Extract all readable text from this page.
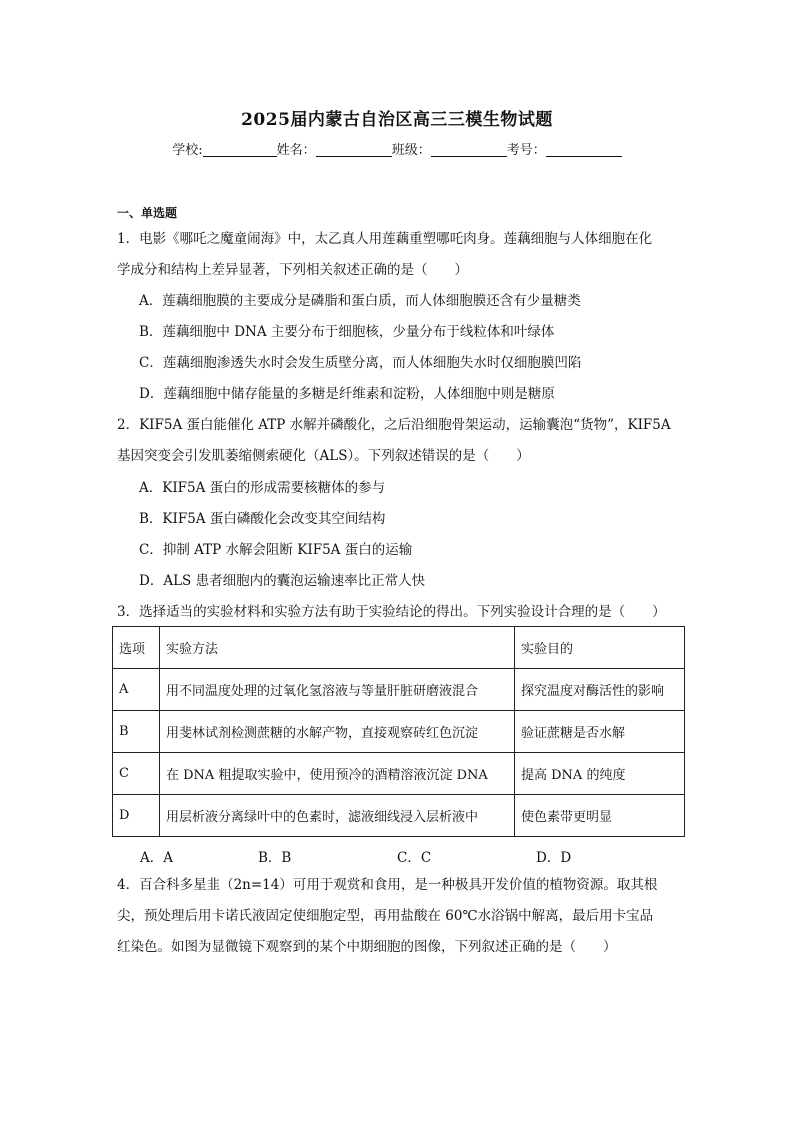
2025届内蒙古自治区高三三模生物试题
学校:	姓名：	班级：	考号：
一、单选题
1．电影《哪吒之魔童闹海》中，太乙真人用莲藕重塑哪吒肉身。莲藕细胞与人体细胞在化
学成分和结构上差异显著，下列相关叙述正确的是（　　）
A．莲藕细胞膜的主要成分是磷脂和蛋白质，而人体细胞膜还含有少量糖类
B．莲藕细胞中 DNA 主要分布于细胞核，少量分布于线粒体和叶绿体
C．莲藕细胞渗透失水时会发生质壁分离，而人体细胞失水时仅细胞膜凹陷
D．莲藕细胞中储存能量的多糖是纤维素和淀粉，人体细胞中则是糖原
2．KIF5A 蛋白能催化 ATP 水解并磷酸化，之后沿细胞骨架运动，运输囊泡“货物”，KIF5A
基因突变会引发肌萎缩侧索硬化（ALS）。下列叙述错误的是（　　）
A．KIF5A 蛋白的形成需要核糖体的参与
B．KIF5A 蛋白磷酸化会改变其空间结构
C．抑制 ATP 水解会阻断 KIF5A 蛋白的运输
D．ALS 患者细胞内的囊泡运输速率比正常人快
3．选择适当的实验材料和实验方法有助于实验结论的得出。下列实验设计合理的是（　　）
选项	实验方法	实验目的
A	用不同温度处理的过氧化氢溶液与等量肝脏研磨液混合	探究温度对酶活性的影响
B	用斐林试剂检测蔗糖的水解产物，直接观察砖红色沉淀	验证蔗糖是否水解
C	在 DNA 粗提取实验中，使用预冷的酒精溶液沉淀 DNA	提高 DNA 的纯度
D	用层析液分离绿叶中的色素时，滤液细线浸入层析液中	使色素带更明显
A．A	B．B	C．C	D．D
4．百合科多星韭（2n=14）可用于观赏和食用，是一种极具开发价值的植物资源。取其根
尖，预处理后用卡诺氏液固定使细胞定型，再用盐酸在 60℃水浴锅中解离，最后用卡宝品
红染色。如图为显微镜下观察到的某个中期细胞的图像，下列叙述正确的是（　　）
